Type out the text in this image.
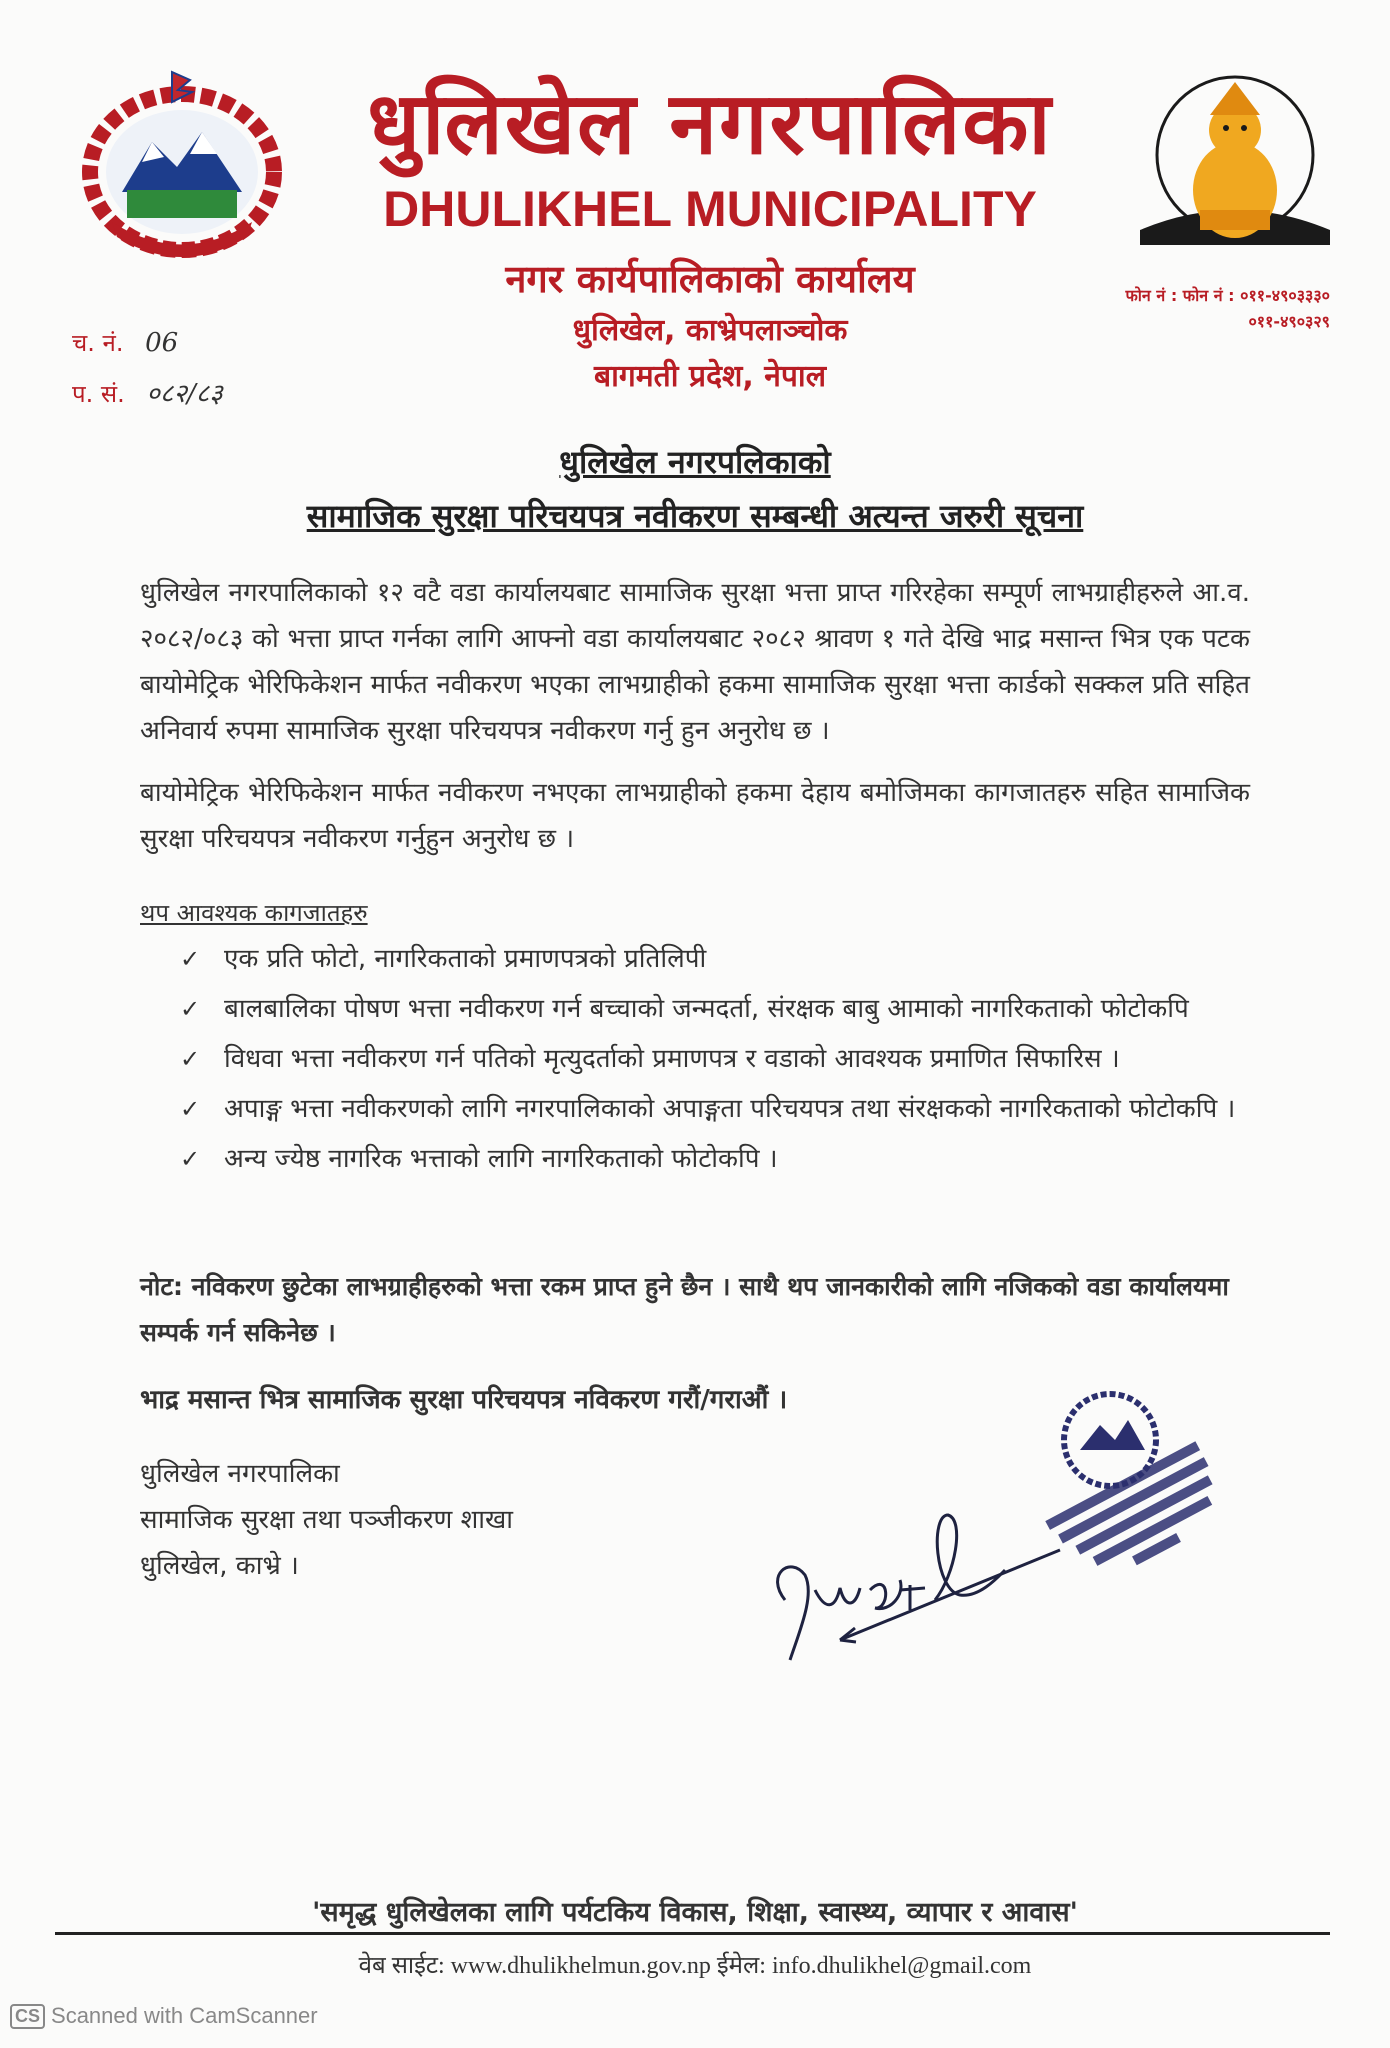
धुलिखेल नगरपालिका
DHULIKHEL MUNICIPALITY
नगर कार्यपालिकाको कार्यालय
धुलिखेल, काभ्रेपलाञ्चोक
बागमती प्रदेश, नेपाल
फोन नं : फोन नं : ०११-४९०३३३०
०११-४९०३२९
च. नं. 06
प. सं. ०८२/८३
धुलिखेल नगरपलिकाको
सामाजिक सुरक्षा परिचयपत्र नवीकरण सम्बन्धी अत्यन्त जरुरी सूचना
धुलिखेल नगरपालिकाको १२ वटै वडा कार्यालयबाट सामाजिक सुरक्षा भत्ता प्राप्त गरिरहेका सम्पूर्ण लाभग्राहीहरुले आ.व. २०८२/०८३ को भत्ता प्राप्त गर्नका लागि आफ्नो वडा कार्यालयबाट २०८२ श्रावण १ गते देखि भाद्र मसान्त भित्र एक पटक बायोमेट्रिक भेरिफिकेशन मार्फत नवीकरण भएका लाभग्राहीको हकमा सामाजिक सुरक्षा भत्ता कार्डको सक्कल प्रति सहित अनिवार्य रुपमा सामाजिक सुरक्षा परिचयपत्र नवीकरण गर्नु हुन अनुरोध छ ।
बायोमेट्रिक भेरिफिकेशन मार्फत नवीकरण नभएका लाभग्राहीको हकमा देहाय बमोजिमका कागजातहरु सहित सामाजिक सुरक्षा परिचयपत्र नवीकरण गर्नुहुन अनुरोध छ ।
थप आवश्यक कागजातहरु
✓ एक प्रति फोटो, नागरिकताको प्रमाणपत्रको प्रतिलिपी
✓ बालबालिका पोषण भत्ता नवीकरण गर्न बच्चाको जन्मदर्ता, संरक्षक बाबु आमाको नागरिकताको फोटोकपि
✓ विधवा भत्ता नवीकरण गर्न पतिको मृत्युदर्ताको प्रमाणपत्र र वडाको आवश्यक प्रमाणित सिफारिस ।
✓ अपाङ्ग भत्ता नवीकरणको लागि नगरपालिकाको अपाङ्गता परिचयपत्र तथा संरक्षकको नागरिकताको फोटोकपि ।
✓ अन्य ज्येष्ठ नागरिक भत्ताको लागि नागरिकताको फोटोकपि ।
नोट: नविकरण छुटेका लाभग्राहीहरुको भत्ता रकम प्राप्त हुने छैन । साथै थप जानकारीको लागि नजिकको वडा कार्यालयमा सम्पर्क गर्न सकिनेछ ।
भाद्र मसान्त भित्र सामाजिक सुरक्षा परिचयपत्र नविकरण गरौं/गराऔं ।
धुलिखेल नगरपालिका
सामाजिक सुरक्षा तथा पञ्जीकरण शाखा
धुलिखेल, काभ्रे ।
'समृद्ध धुलिखेलका लागि पर्यटकिय विकास, शिक्षा, स्वास्थ्य, व्यापार र आवास'
वेब साईट: www.dhulikhelmun.gov.np ईमेल: info.dhulikhel@gmail.com
CS Scanned with CamScanner
